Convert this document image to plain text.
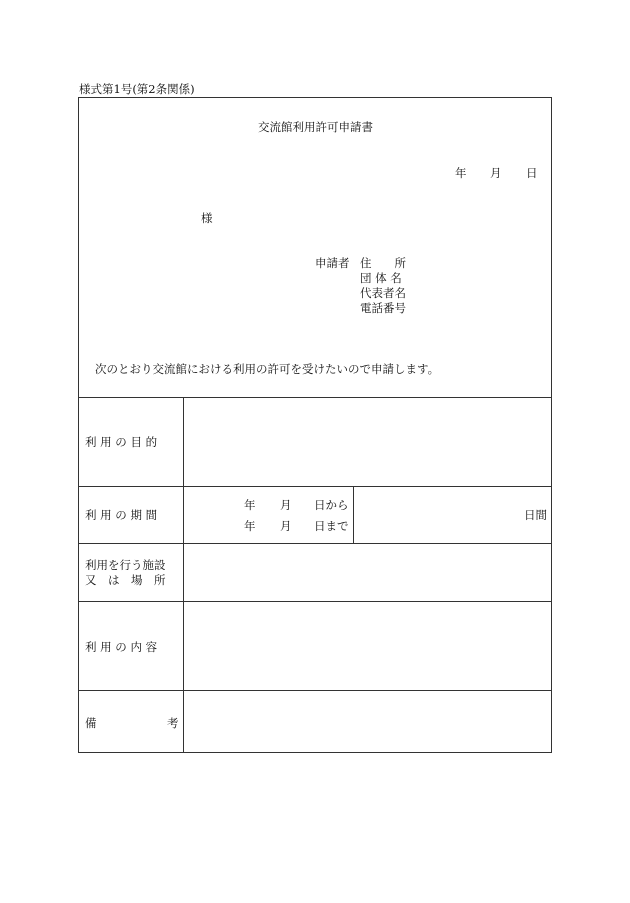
様式第1号(第2条関係)
交流館利用許可申請書
年 月 日
様
申請者 住　　所
団 体 名
代表者名
電話番号
次のとおり交流館における利用の許可を受けたいので申請します。
利 用 の 目 的
利 用 の 期 間
利用を行う施設
又　は　場　所
利 用 の 内 容
備	考
年 月 日から
年 月 日まで
日間
